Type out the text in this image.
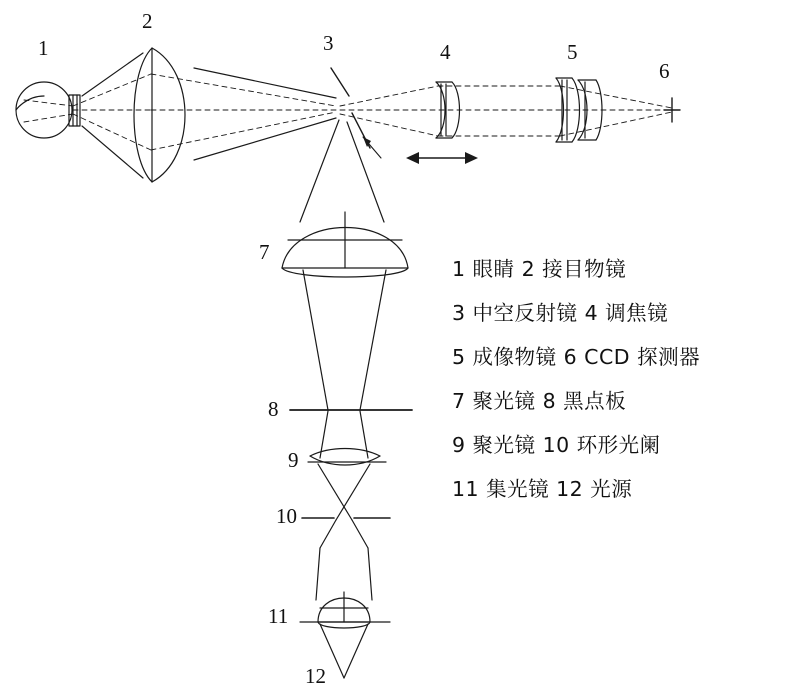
1
2
3	4	5
6
7
8
9
10
11
12
1 眼睛 2 接目物镜
3 中空反射镜 4 调焦镜
5 成像物镜 6 CCD 探测器
7 聚光镜 8 黑点板
9 聚光镜 10 环形光阑
11 集光镜 12 光源
